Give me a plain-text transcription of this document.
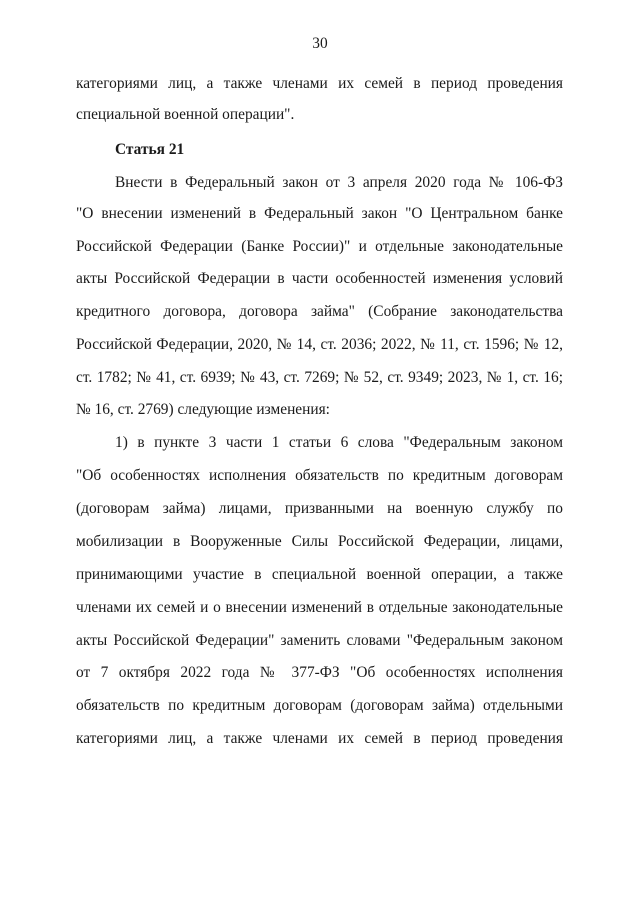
30
категориями лиц, а также членами их семей в период проведения
специальной военной операции".
Статья 21
Внести в Федеральный закон от 3 апреля 2020 года № 106-ФЗ
"О внесении изменений в Федеральный закон "О Центральном банке
Российской Федерации (Банке России)" и отдельные законодательные
акты Российской Федерации в части особенностей изменения условий
кредитного договора, договора займа" (Собрание законодательства
Российской Федерации, 2020, № 14, ст. 2036; 2022, № 11, ст. 1596; № 12,
ст. 1782; № 41, ст. 6939; № 43, ст. 7269; № 52, ст. 9349; 2023, № 1, ст. 16;
№ 16, ст. 2769) следующие изменения:
1) в пункте 3 части 1 статьи 6 слова "Федеральным законом
"Об особенностях исполнения обязательств по кредитным договорам
(договорам займа) лицами, призванными на военную службу по
мобилизации в Вооруженные Силы Российской Федерации, лицами,
принимающими участие в специальной военной операции, а также
членами их семей и о внесении изменений в отдельные законодательные
акты Российской Федерации" заменить словами "Федеральным законом
от 7 октября 2022 года № 377-ФЗ "Об особенностях исполнения
обязательств по кредитным договорам (договорам займа) отдельными
категориями лиц, а также членами их семей в период проведения
